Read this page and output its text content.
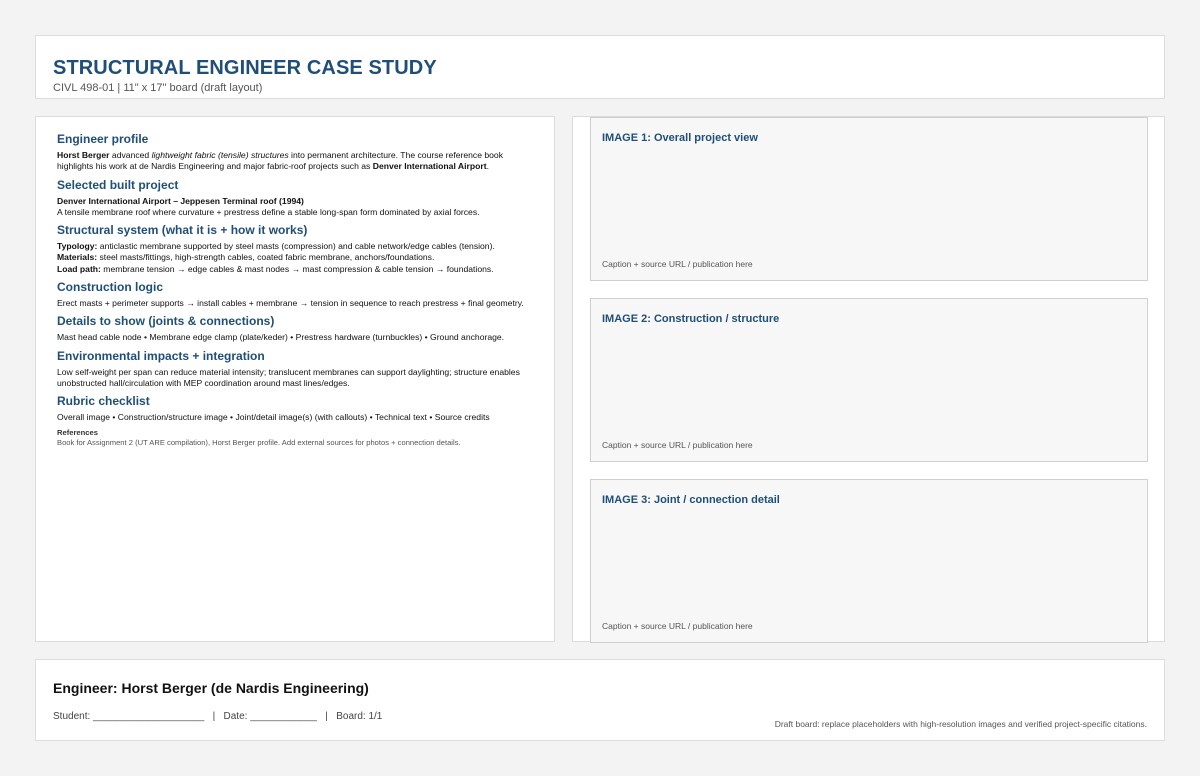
STRUCTURAL ENGINEER CASE STUDY
CIVL 498-01 | 11" x 17" board (draft layout)
Engineer profile
Horst Berger advanced lightweight fabric (tensile) structures into permanent architecture. The course reference book highlights his work at de Nardis Engineering and major fabric-roof projects such as Denver International Airport.
Selected built project
Denver International Airport – Jeppesen Terminal roof (1994)
A tensile membrane roof where curvature + prestress define a stable long-span form dominated by axial forces.
Structural system (what it is + how it works)
Typology: anticlastic membrane supported by steel masts (compression) and cable network/edge cables (tension).
Materials: steel masts/fittings, high-strength cables, coated fabric membrane, anchors/foundations.
Load path: membrane tension → edge cables & mast nodes → mast compression & cable tension → foundations.
Construction logic
Erect masts + perimeter supports → install cables + membrane → tension in sequence to reach prestress + final geometry.
Details to show (joints & connections)
Mast head cable node • Membrane edge clamp (plate/keder) • Prestress hardware (turnbuckles) • Ground anchorage.
Environmental impacts + integration
Low self-weight per span can reduce material intensity; translucent membranes can support daylighting; structure enables unobstructed hall/circulation with MEP coordination around mast lines/edges.
Rubric checklist
Overall image • Construction/structure image • Joint/detail image(s) (with callouts) • Technical text • Source credits
References
Book for Assignment 2 (UT ARE compilation), Horst Berger profile. Add external sources for photos + connection details.
IMAGE 1: Overall project view
Caption + source URL / publication here
IMAGE 2: Construction / structure
Caption + source URL / publication here
IMAGE 3: Joint / connection detail
Caption + source URL / publication here
Engineer: Horst Berger (de Nardis Engineering)
Student: ____________________   |   Date: ____________   |   Board: 1/1
Draft board: replace placeholders with high-resolution images and verified project-specific citations.
